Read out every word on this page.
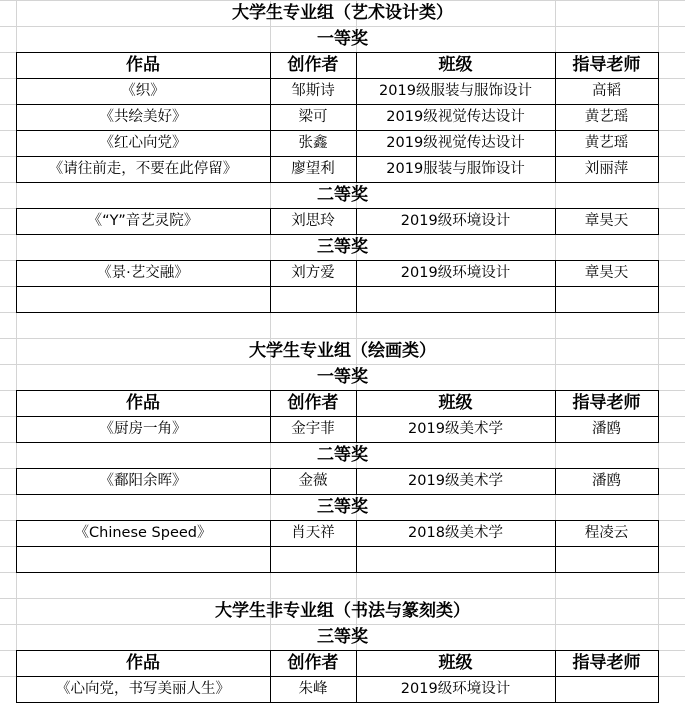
大学生专业组（艺术设计类）
一等奖
作品	创作者	班级	指导老师
《织》	邹斯诗	2019级服装与服饰设计	高韬
《共绘美好》	梁可	2019级视觉传达设计	黄艺瑶
《红心向党》	张鑫	2019级视觉传达设计	黄艺瑶
《请往前走，不要在此停留》	廖望利	2019服装与服饰设计	刘丽萍
二等奖
《“Y”音艺灵院》	刘思玲	2019级环境设计	章昊天
三等奖
《景·艺交融》	刘方爱	2019级环境设计	章昊天
大学生专业组（绘画类）
一等奖
作品	创作者	班级	指导老师
《厨房一角》	金宇菲	2019级美术学	潘鸥
二等奖
《鄱阳余晖》	金薇	2019级美术学	潘鸥
三等奖
《Chinese Speed》	肖天祥	2018级美术学	程凌云
大学生非专业组（书法与篆刻类）
三等奖
作品	创作者	班级	指导老师
《心向党，书写美丽人生》	朱峰	2019级环境设计
